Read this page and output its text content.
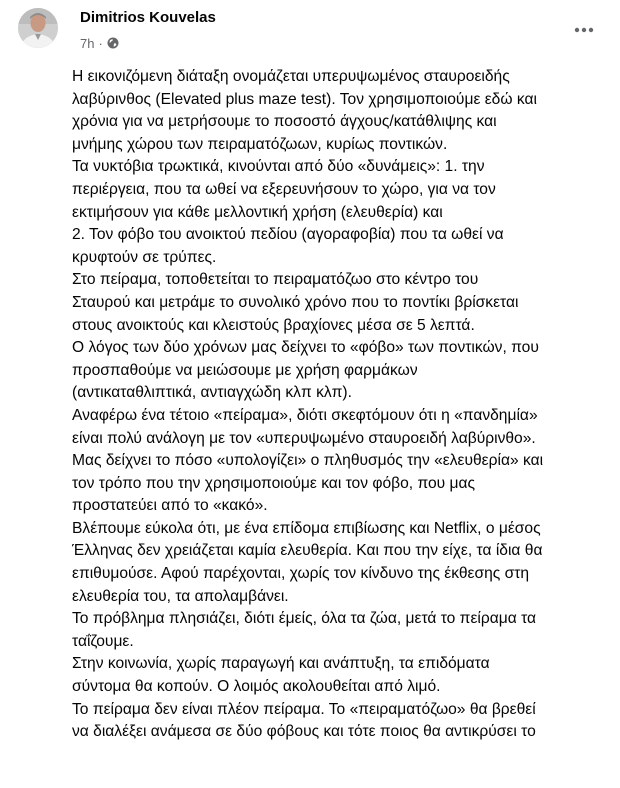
Dimitrios Kouvelas
7h ·

Η εικονιζόμενη διάταξη ονομάζεται υπερυψωμένος σταυροειδής
λαβύρινθος (Elevated plus maze test). Τον χρησιμοποιούμε εδώ και
χρόνια για να μετρήσουμε το ποσοστό άγχους/κατάθλιψης και
μνήμης χώρου των πειραματόζωων, κυρίως ποντικών.

Τα νυκτόβια τρωκτικά, κινούνται από δύο «δυνάμεις»: 1. την
περιέργεια, που τα ωθεί να εξερευνήσουν το χώρο, για να τον
εκτιμήσουν για κάθε μελλοντική χρήση (ελευθερία) και

2. Τον φόβο του ανοικτού πεδίου (αγοραφοβία) που τα ωθεί να
κρυφτούν σε τρύπες.

Στο πείραμα, τοποθετείται το πειραματόζωο στο κέντρο του
Σταυρού και μετράμε το συνολικό χρόνο που το ποντίκι βρίσκεται
στους ανοικτούς και κλειστούς βραχίονες μέσα σε 5 λεπτά.

Ο λόγος των δύο χρόνων μας δείχνει το «φόβο» των ποντικών, που
προσπαθούμε να μειώσουμε με χρήση φαρμάκων
(αντικαταθλιπτικά, αντιαγχώδη κλπ κλπ).

Αναφέρω ένα τέτοιο «πείραμα», διότι σκεφτόμουν ότι η «πανδημία»
είναι πολύ ανάλογη με τον «υπερυψωμένο σταυροειδή λαβύρινθο».

Μας δείχνει το πόσο «υπολογίζει» ο πληθυσμός την «ελευθερία» και
τον τρόπο που την χρησιμοποιούμε και τον φόβο, που μας
προστατεύει από το «κακό».

Βλέπουμε εύκολα ότι, με ένα επίδομα επιβίωσης και Netflix, ο μέσος
Έλληνας δεν χρειάζεται καμία ελευθερία. Και που την είχε, τα ίδια θα
επιθυμούσε. Αφού παρέχονται, χωρίς τον κίνδυνο της έκθεσης στη
ελευθερία του, τα απολαμβάνει.

Το πρόβλημα πλησιάζει, διότι έμείς, όλα τα ζώα, μετά το πείραμα τα
ταΐζουμε.

Στην κοινωνία, χωρίς παραγωγή και ανάπτυξη, τα επιδόματα
σύντομα θα κοπούν. Ο λοιμός ακολουθείται από λιμό.

Το πείραμα δεν είναι πλέον πείραμα. Το «πειραματόζωο» θα βρεθεί
να διαλέξει ανάμεσα σε δύο φόβους και τότε ποιος θα αντικρύσει το
